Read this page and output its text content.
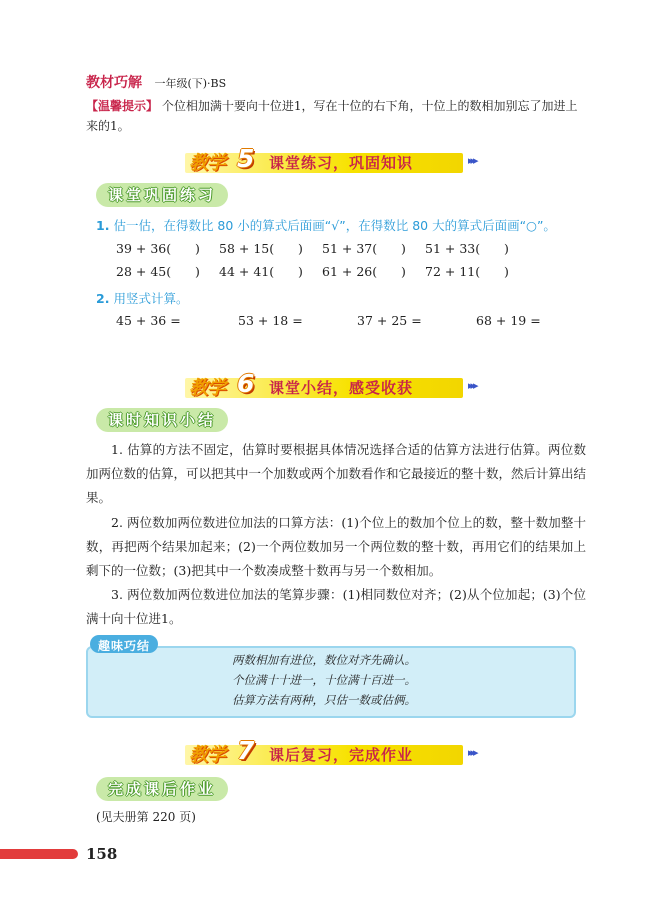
教材巧解 一年级(下)·BS
【温馨提示】 个位相加满十要向十位进1，写在十位的右下角，十位上的数相加别忘了加进上来的1。
教学 5 课堂练习，巩固知识	▸▸▸
课堂巩固练习
1. 估一估，在得数比 80 小的算式后面画“√”，在得数比 80 大的算式后面画“○”。
39 + 36(      ) 58 + 15(      ) 51 + 37(      ) 51 + 33(      )
28 + 45(      ) 44 + 41(      ) 61 + 26(      ) 72 + 11(      )
2. 用竖式计算。
45 + 36 =	53 + 18 =	37 + 25 =	68 + 19 =
教学 6 课堂小结，感受收获	▸▸▸
课时知识小结
1. 估算的方法不固定，估算时要根据具体情况选择合适的估算方法进行估算。两位数加两位数的估算，可以把其中一个加数或两个加数看作和它最接近的整十数，然后计算出结果。
2. 两位数加两位数进位加法的口算方法：(1)个位上的数加个位上的数，整十数加整十数，再把两个结果加起来；(2)一个两位数加另一个两位数的整十数，再用它们的结果加上剩下的一位数；(3)把其中一个数凑成整十数再与另一个数相加。
3. 两位数加两位数进位加法的笔算步骤：(1)相同数位对齐；(2)从个位加起；(3)个位满十向十位进1。
趣味巧结
两数相加有进位，数位对齐先确认。
个位满十十进一，十位满十百进一。
估算方法有两种，只估一数或估俩。
教学 7 课后复习，完成作业	▸▸▸
完成课后作业
(见夫册第 220 页)
158
